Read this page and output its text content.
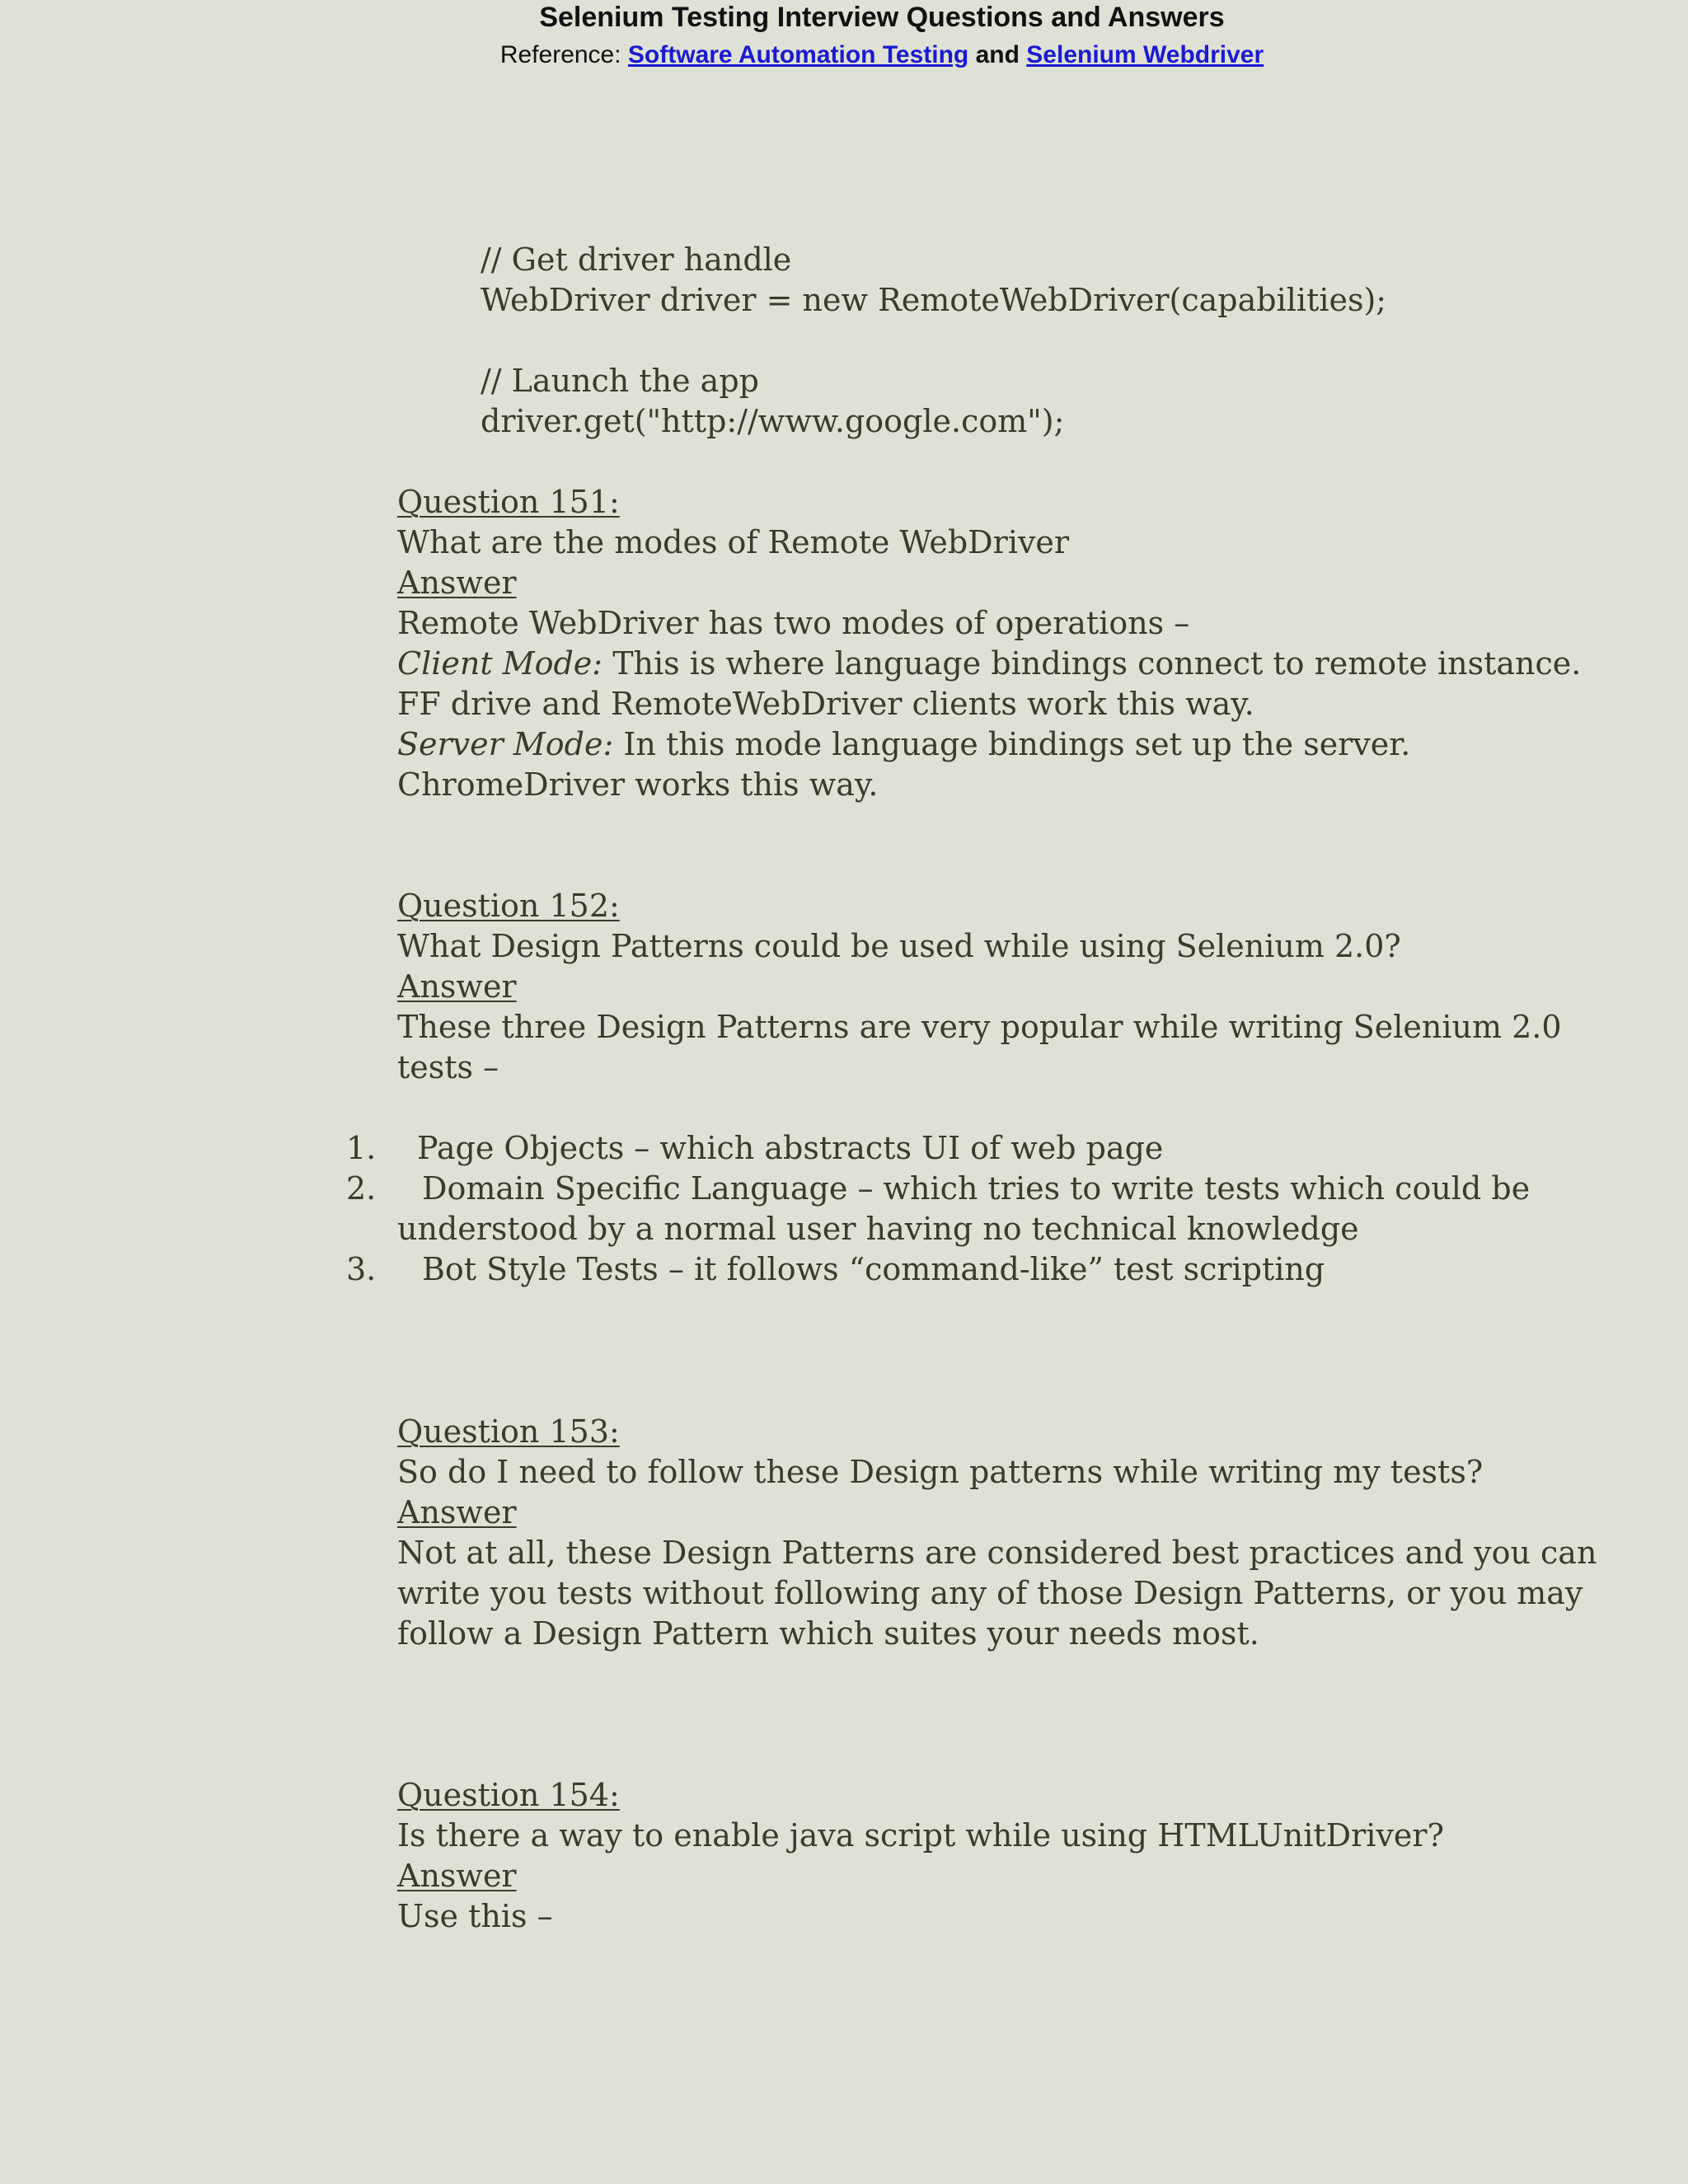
Selenium Testing Interview Questions and Answers
Reference: Software Automation Testing and Selenium Webdriver
// Get driver handle
WebDriver driver = new RemoteWebDriver(capabilities);
// Launch the app
driver.get("http://www.google.com");
Question 151:
What are the modes of Remote WebDriver
Answer
Remote WebDriver has two modes of operations –
Client Mode: This is where language bindings connect to remote instance.
FF drive and RemoteWebDriver clients work this way.
Server Mode: In this mode language bindings set up the server.
ChromeDriver works this way.
Question 152:
What Design Patterns could be used while using Selenium 2.0?
Answer
These three Design Patterns are very popular while writing Selenium 2.0
tests –
1. Page Objects – which abstracts UI of web page
2. Domain Specific Language – which tries to write tests which could be
understood by a normal user having no technical knowledge
3. Bot Style Tests – it follows “command-like” test scripting
Question 153:
So do I need to follow these Design patterns while writing my tests?
Answer
Not at all, these Design Patterns are considered best practices and you can
write you tests without following any of those Design Patterns, or you may
follow a Design Pattern which suites your needs most.
Question 154:
Is there a way to enable java script while using HTMLUnitDriver?
Answer
Use this –
